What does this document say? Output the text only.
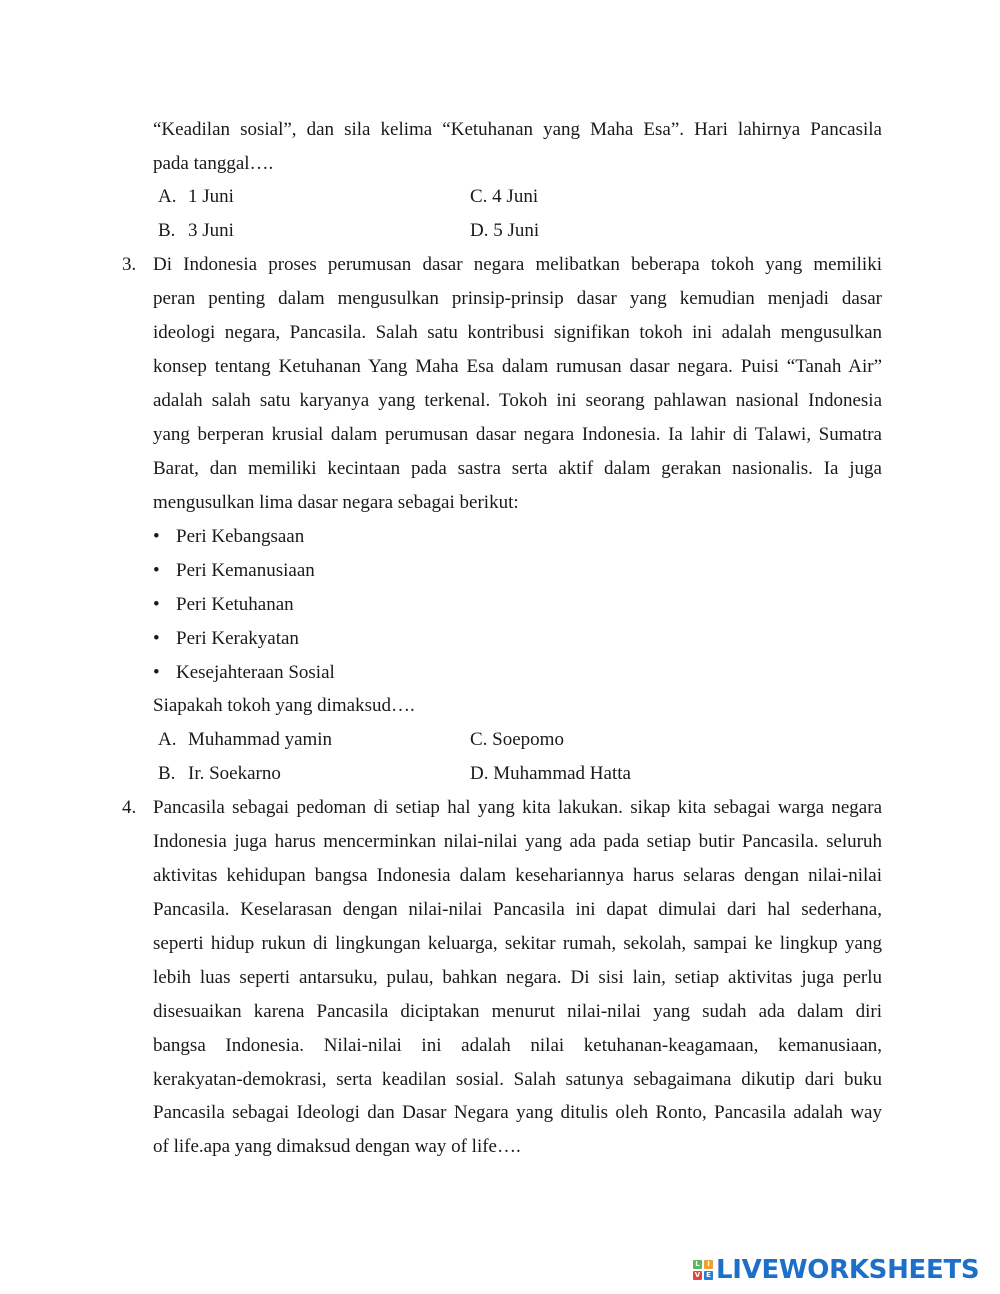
“Keadilan sosial”, dan sila kelima “Ketuhanan yang Maha Esa”. Hari lahirnya Pancasila
pada tanggal….
A. 1 Juni	C. 4 Juni
B. 3 Juni	D. 5 Juni
3. Di Indonesia proses perumusan dasar negara melibatkan beberapa tokoh yang memiliki
peran penting dalam mengusulkan prinsip-prinsip dasar yang kemudian menjadi dasar
ideologi negara, Pancasila. Salah satu kontribusi signifikan tokoh ini adalah mengusulkan
konsep tentang Ketuhanan Yang Maha Esa dalam rumusan dasar negara. Puisi “Tanah Air”
adalah salah satu karyanya yang terkenal. Tokoh ini seorang pahlawan nasional Indonesia
yang berperan krusial dalam perumusan dasar negara Indonesia. Ia lahir di Talawi, Sumatra
Barat, dan memiliki kecintaan pada sastra serta aktif dalam gerakan nasionalis. Ia juga
mengusulkan lima dasar negara sebagai berikut:
• Peri Kebangsaan
• Peri Kemanusiaan
• Peri Ketuhanan
• Peri Kerakyatan
• Kesejahteraan Sosial
Siapakah tokoh yang dimaksud….
A. Muhammad yamin	C. Soepomo
B. Ir. Soekarno	D. Muhammad Hatta
4. Pancasila sebagai pedoman di setiap hal yang kita lakukan. sikap kita sebagai warga negara
Indonesia juga harus mencerminkan nilai-nilai yang ada pada setiap butir Pancasila. seluruh
aktivitas kehidupan bangsa Indonesia dalam kesehariannya harus selaras dengan nilai-nilai
Pancasila. Keselarasan dengan nilai-nilai Pancasila ini dapat dimulai dari hal sederhana,
seperti hidup rukun di lingkungan keluarga, sekitar rumah, sekolah, sampai ke lingkup yang
lebih luas seperti antarsuku, pulau, bahkan negara. Di sisi lain, setiap aktivitas juga perlu
disesuaikan karena Pancasila diciptakan menurut nilai-nilai yang sudah ada dalam diri
bangsa Indonesia. Nilai-nilai ini adalah nilai ketuhanan-keagamaan, kemanusiaan,
kerakyatan-demokrasi, serta keadilan sosial. Salah satunya sebagaimana dikutip dari buku
Pancasila sebagai Ideologi dan Dasar Negara yang ditulis oleh Ronto, Pancasila adalah way
of life.apa yang dimaksud dengan way of life….
L	I
V E LIVEWORKSHEETS
